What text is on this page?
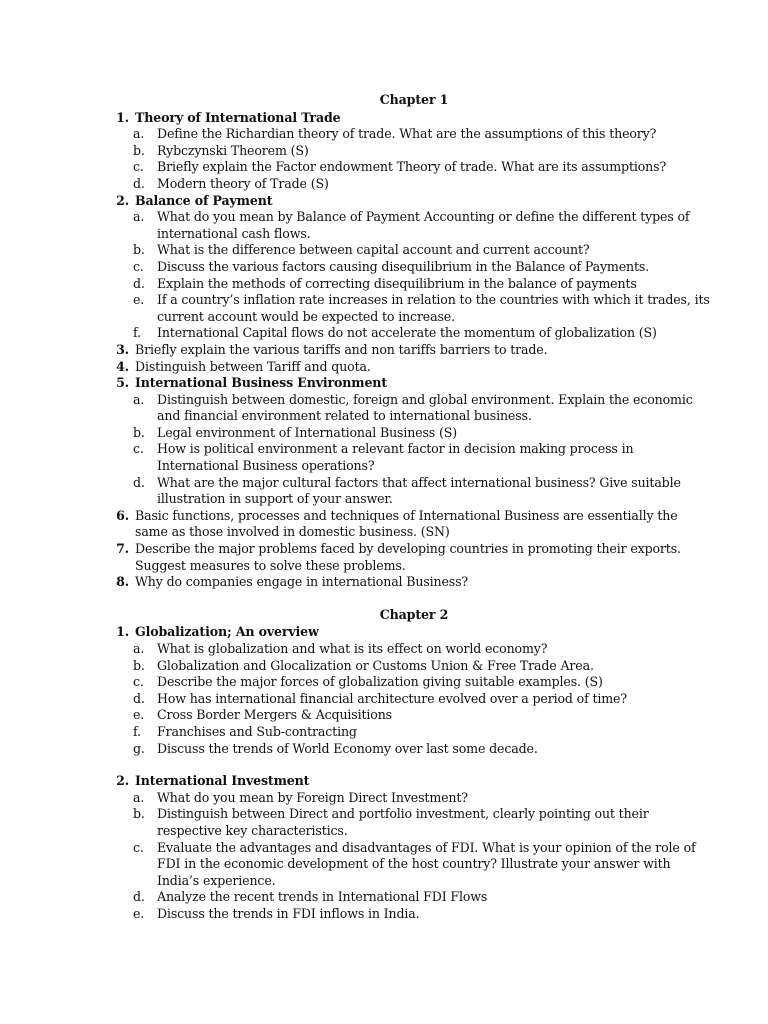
Chapter 1
1. Theory of International Trade
a. Define the Richardian theory of trade. What are the assumptions of this theory?
b. Rybczynski Theorem (S)
c. Briefly explain the Factor endowment Theory of trade. What are its assumptions?
d. Modern theory of Trade (S)
2. Balance of Payment
a. What do you mean by Balance of Payment Accounting or define the different types of international cash flows.
b. What is the difference between capital account and current account?
c. Discuss the various factors causing disequilibrium in the Balance of Payments.
d. Explain the methods of correcting disequilibrium in the balance of payments
e. If a country’s inflation rate increases in relation to the countries with which it trades, its current account would be expected to increase.
f.	International Capital flows do not accelerate the momentum of globalization (S)
3. Briefly explain the various tariffs and non tariffs barriers to trade.
4. Distinguish between Tariff and quota.
5. International Business Environment
a. Distinguish between domestic, foreign and global environment. Explain the economic and financial environment related to international business.
b. Legal environment of International Business (S)
c. How is political environment a relevant factor in decision making process in International Business operations?
d. What are the major cultural factors that affect international business? Give suitable illustration in support of your answer.
6. Basic functions, processes and techniques of International Business are essentially the same as those involved in domestic business. (SN)
7. Describe the major problems faced by developing countries in promoting their exports. Suggest measures to solve these problems.
8. Why do companies engage in international Business?
Chapter 2
1. Globalization; An overview
a. What is globalization and what is its effect on world economy?
b. Globalization and Glocalization or Customs Union & Free Trade Area.
c. Describe the major forces of globalization giving suitable examples. (S)
d. How has international financial architecture evolved over a period of time?
e. Cross Border Mergers & Acquisitions
f.	Franchises and Sub-contracting
g. Discuss the trends of World Economy over last some decade.
2. International Investment
a. What do you mean by Foreign Direct Investment?
b. Distinguish between Direct and portfolio investment, clearly pointing out their respective key characteristics.
c. Evaluate the advantages and disadvantages of FDI. What is your opinion of the role of FDI in the economic development of the host country? Illustrate your answer with India’s experience.
d. Analyze the recent trends in International FDI Flows
e. Discuss the trends in FDI inflows in India.
